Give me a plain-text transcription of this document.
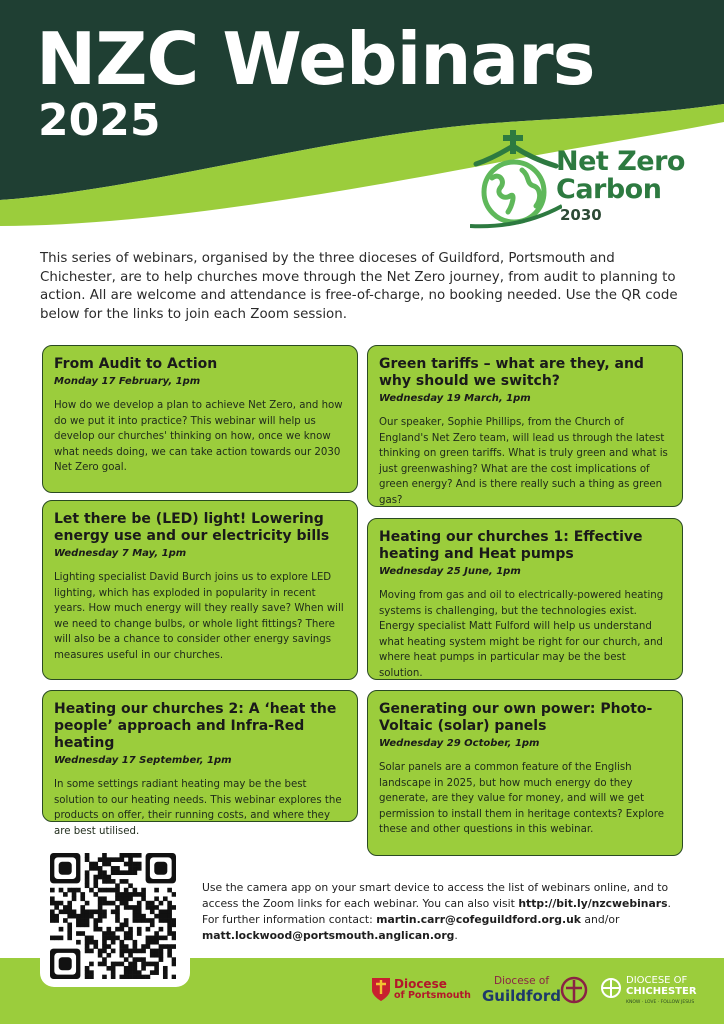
NZC Webinars
2025
Net Zero
Carbon
2030

This series of webinars, organised by the three dioceses of Guildford, Portsmouth and Chichester, are to help churches move through the Net Zero journey, from audit to planning to action. All are welcome and attendance is free-of-charge, no booking needed. Use the QR code below for the links to join each Zoom session.

From Audit to Action

Monday 17 February, 1pm

How do we develop a plan to achieve Net Zero, and how do we put it into practice? This webinar will help us develop our churches' thinking on how, once we know what needs doing, we can take action towards our 2030 Net Zero goal.

Green tariffs – what are they, and why should we switch?

Wednesday 19 March, 1pm

Our speaker, Sophie Phillips, from the Church of England's Net Zero team, will lead us through the latest thinking on green tariffs. What is truly green and what is just greenwashing? What are the cost implications of green energy? And is there really such a thing as green gas?

Let there be (LED) light! Lowering energy use and our electricity bills

Wednesday 7 May, 1pm

Lighting specialist David Burch joins us to explore LED lighting, which has exploded in popularity in recent years. How much energy will they really save? When will we need to change bulbs, or whole light fittings? There will also be a chance to consider other energy savings measures useful in our churches.

Heating our churches 1: Effective heating and Heat pumps

Wednesday 25 June, 1pm

Moving from gas and oil to electrically-powered heating systems is challenging, but the technologies exist. Energy specialist Matt Fulford will help us understand what heating system might be right for our church, and where heat pumps in particular may be the best solution.

Heating our churches 2: A ‘heat the people’ approach and Infra-Red heating

Wednesday 17 September, 1pm

In some settings radiant heating may be the best solution to our heating needs. This webinar explores the products on offer, their running costs, and where they are best utilised.

Generating our own power: Photo-Voltaic (solar) panels

Wednesday 29 October, 1pm

Solar panels are a common feature of the English landscape in 2025, but how much energy do they generate, are they value for money, and will we get permission to install them in heritage contexts? Explore these and other questions in this webinar.

Use the camera app on your smart device to access the list of webinars online, and to access the Zoom links for each webinar. You can also visit http://bit.ly/nzcwebinars. For further information contact: martin.carr@cofeguildford.org.uk and/or matt.lockwood@portsmouth.anglican.org.

Diocese
of Portsmouth
Diocese of
Guildford
DIOCESE OF
CHICHESTER
KNOW · LOVE · FOLLOW JESUS
